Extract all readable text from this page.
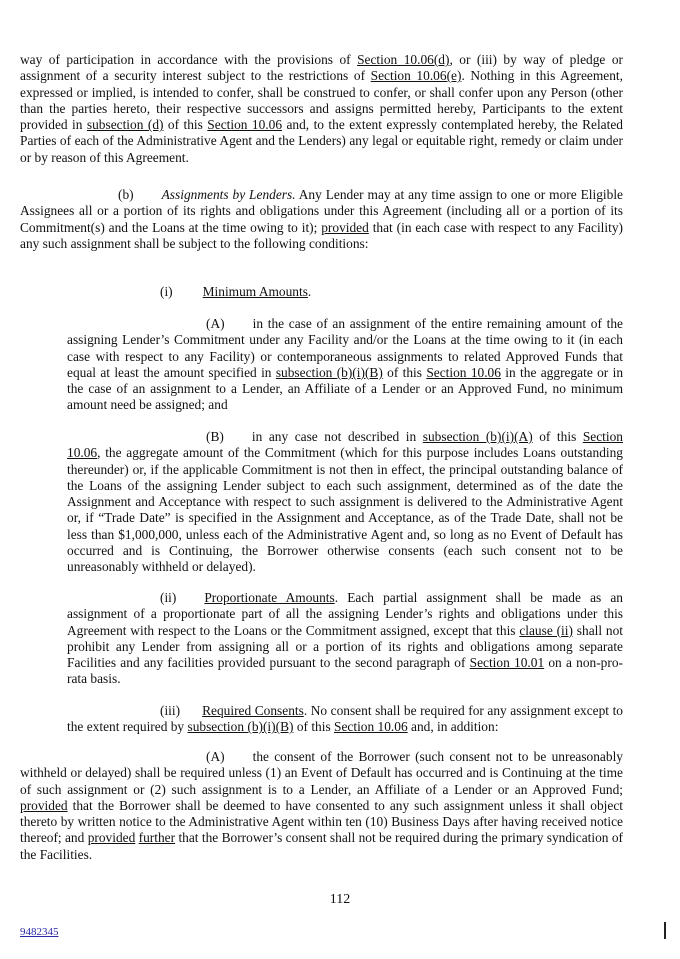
way of participation in accordance with the provisions of Section 10.06(d), or (iii) by way of pledge or assignment of a security interest subject to the restrictions of Section 10.06(e). Nothing in this Agreement, expressed or implied, is intended to confer, shall be construed to confer, or shall confer upon any Person (other than the parties hereto, their respective successors and assigns permitted hereby, Participants to the extent provided in subsection (d) of this Section 10.06 and, to the extent expressly contemplated hereby, the Related Parties of each of the Administrative Agent and the Lenders) any legal or equitable right, remedy or claim under or by reason of this Agreement.

(b) Assignments by Lenders. Any Lender may at any time assign to one or more Eligible Assignees all or a portion of its rights and obligations under this Agreement (including all or a portion of its Commitment(s) and the Loans at the time owing to it); provided that (in each case with respect to any Facility) any such assignment shall be subject to the following conditions:

(i) Minimum Amounts.

(A) in the case of an assignment of the entire remaining amount of the assigning Lender’s Commitment under any Facility and/or the Loans at the time owing to it (in each case with respect to any Facility) or contemporaneous assignments to related Approved Funds that equal at least the amount specified in subsection (b)(i)(B) of this Section 10.06 in the aggregate or in the case of an assignment to a Lender, an Affiliate of a Lender or an Approved Fund, no minimum amount need be assigned; and

(B) in any case not described in subsection (b)(i)(A) of this Section 10.06, the aggregate amount of the Commitment (which for this purpose includes Loans outstanding thereunder) or, if the applicable Commitment is not then in effect, the principal outstanding balance of the Loans of the assigning Lender subject to each such assignment, determined as of the date the Assignment and Acceptance with respect to such assignment is delivered to the Administrative Agent or, if “Trade Date” is specified in the Assignment and Acceptance, as of the Trade Date, shall not be less than $1,000,000, unless each of the Administrative Agent and, so long as no Event of Default has occurred and is Continuing, the Borrower otherwise consents (each such consent not to be unreasonably withheld or delayed).

(ii) Proportionate Amounts. Each partial assignment shall be made as an assignment of a proportionate part of all the assigning Lender’s rights and obligations under this Agreement with respect to the Loans or the Commitment assigned, except that this clause (ii) shall not prohibit any Lender from assigning all or a portion of its rights and obligations among separate Facilities and any facilities provided pursuant to the second paragraph of Section 10.01 on a non-pro-rata basis.

(iii) Required Consents. No consent shall be required for any assignment except to the extent required by subsection (b)(i)(B) of this Section 10.06 and, in addition:

(A) the consent of the Borrower (such consent not to be unreasonably withheld or delayed) shall be required unless (1) an Event of Default has occurred and is Continuing at the time of such assignment or (2) such assignment is to a Lender, an Affiliate of a Lender or an Approved Fund; provided that the Borrower shall be deemed to have consented to any such assignment unless it shall object thereto by written notice to the Administrative Agent within ten (10) Business Days after having received notice thereof; and provided further that the Borrower’s consent shall not be required during the primary syndication of the Facilities.

112
9482345
